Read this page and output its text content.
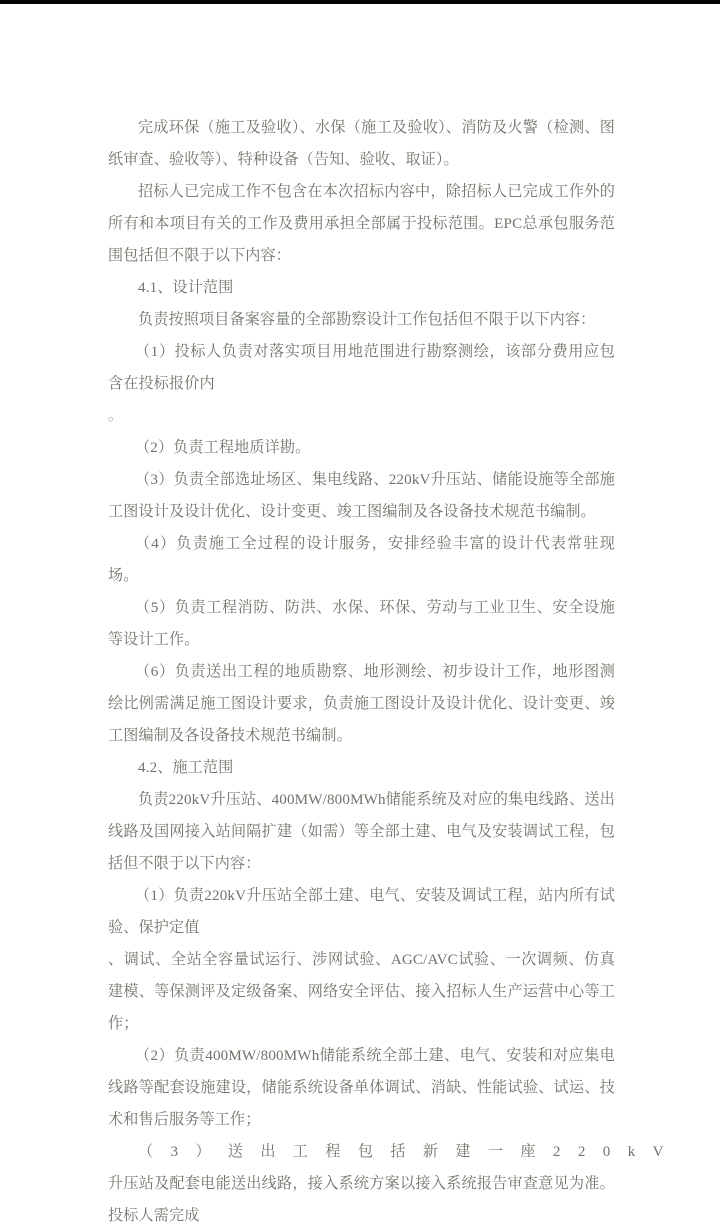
完成环保（施工及验收）、水保（施工及验收）、消防及火警（检测、图纸审查、验收等）、特种设备（告知、验收、取证）。

招标人已完成工作不包含在本次招标内容中，除招标人已完成工作外的所有和本项目有关的工作及费用承担全部属于投标范围。EPC总承包服务范围包括但不限于以下内容：

4.1、设计范围

负责按照项目备案容量的全部勘察设计工作包括但不限于以下内容：

（1）投标人负责对落实项目用地范围进行勘察测绘，该部分费用应包含在投标报价内

。

（2）负责工程地质详勘。

（3）负责全部选址场区、集电线路、220kV升压站、储能设施等全部施工图设计及设计优化、设计变更、竣工图编制及各设备技术规范书编制。

（4）负责施工全过程的设计服务，安排经验丰富的设计代表常驻现场。

（5）负责工程消防、防洪、水保、环保、劳动与工业卫生、安全设施等设计工作。

（6）负责送出工程的地质勘察、地形测绘、初步设计工作，地形图测绘比例需满足施工图设计要求，负责施工图设计及设计优化、设计变更、竣工图编制及各设备技术规范书编制。

4.2、施工范围

负责220kV升压站、400MW/800MWh储能系统及对应的集电线路、送出线路及国网接入站间隔扩建（如需）等全部土建、电气及安装调试工程，包括但不限于以下内容：

（1）负责220kV升压站全部土建、电气、安装及调试工程，站内所有试验、保护定值

、调试、全站全容量试运行、涉网试验、AGC/AVC试验、一次调频、仿真建模、等保测评及定级备案、网络安全评估、接入招标人生产运营中心等工作；

（2）负责400MW/800MWh储能系统全部土建、电气、安装和对应集电线路等配套设施建设，储能系统设备单体调试、消缺、性能试验、试运、技术和售后服务等工作；

（3）送出工程包括新建一座220kV

升压站及配套电能送出线路，接入系统方案以接入系统报告审查意见为准。投标人需完成
